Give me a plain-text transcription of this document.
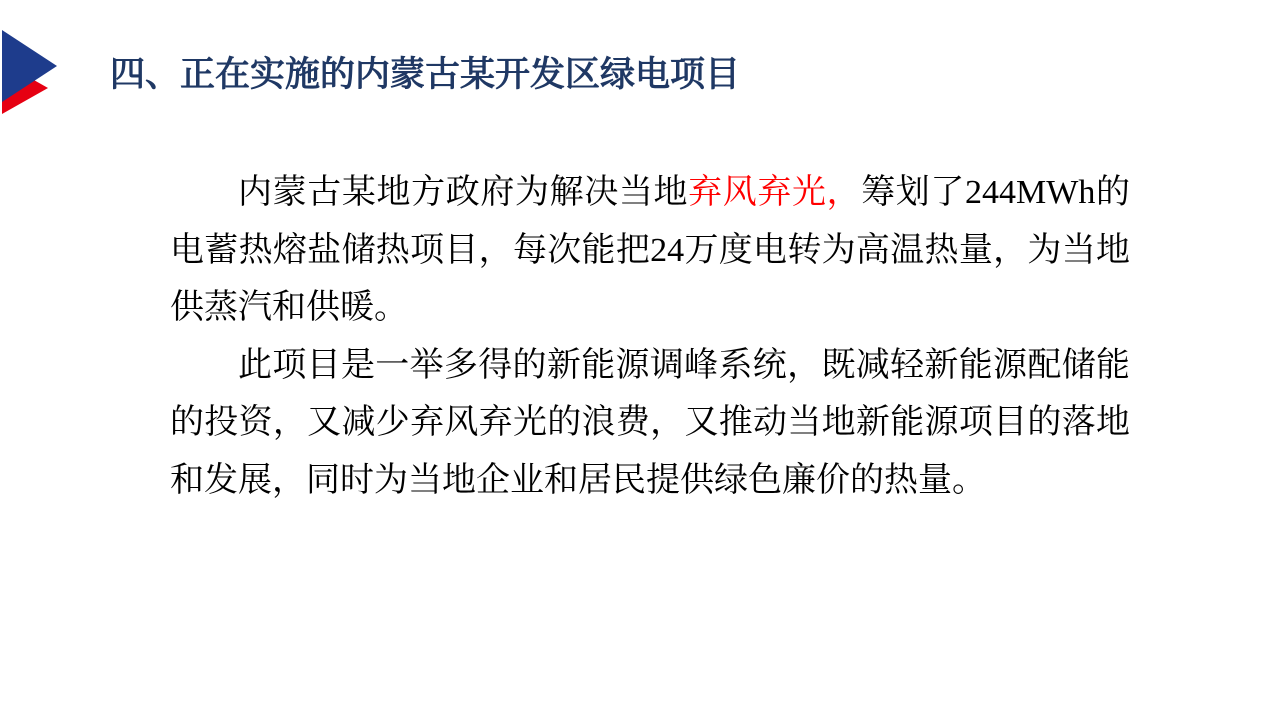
四、正在实施的内蒙古某开发区绿电项目

内蒙古某地方政府为解决当地弃风弃光，筹划了244MWh的电蓄热熔盐储热项目，每次能把24万度电转为高温热量，为当地供蒸汽和供暖。

此项目是一举多得的新能源调峰系统，既减轻新能源配储能的投资，又减少弃风弃光的浪费，又推动当地新能源项目的落地和发展，同时为当地企业和居民提供绿色廉价的热量。
